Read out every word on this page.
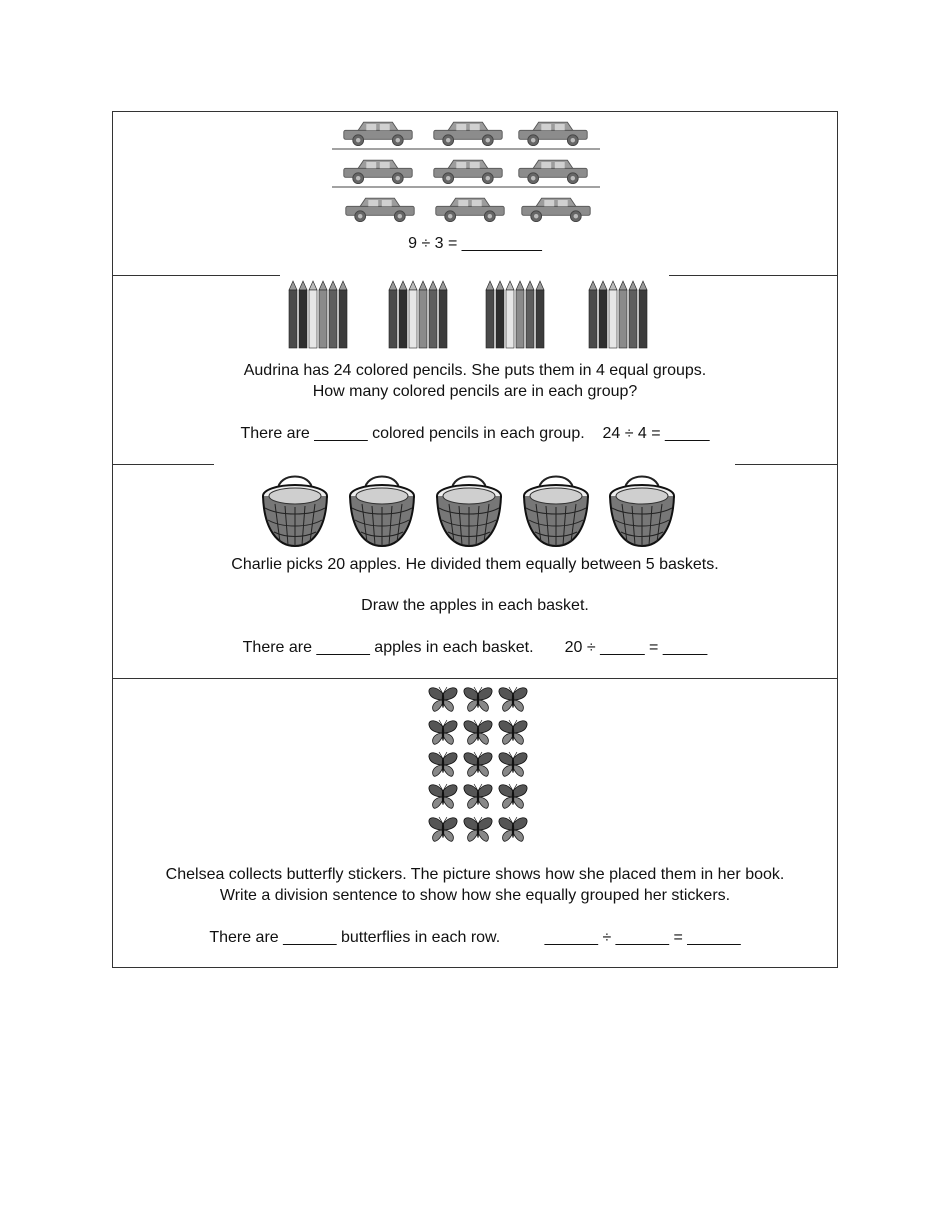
9 ÷ 3 = _________
Audrina has 24 colored pencils. She puts them in 4 equal groups.
How many colored pencils are in each group?
There are ______ colored pencils in each group.    24 ÷ 4 = _____
Charlie picks 20 apples. He divided them equally between 5 baskets.
Draw the apples in each basket.
There are ______ apples in each basket.       20 ÷ _____ = _____
Chelsea collects butterfly stickers. The picture shows how she placed them in her book.
Write a division sentence to show how she equally grouped her stickers.
There are ______ butterflies in each row.          ______ ÷ ______ = ______
